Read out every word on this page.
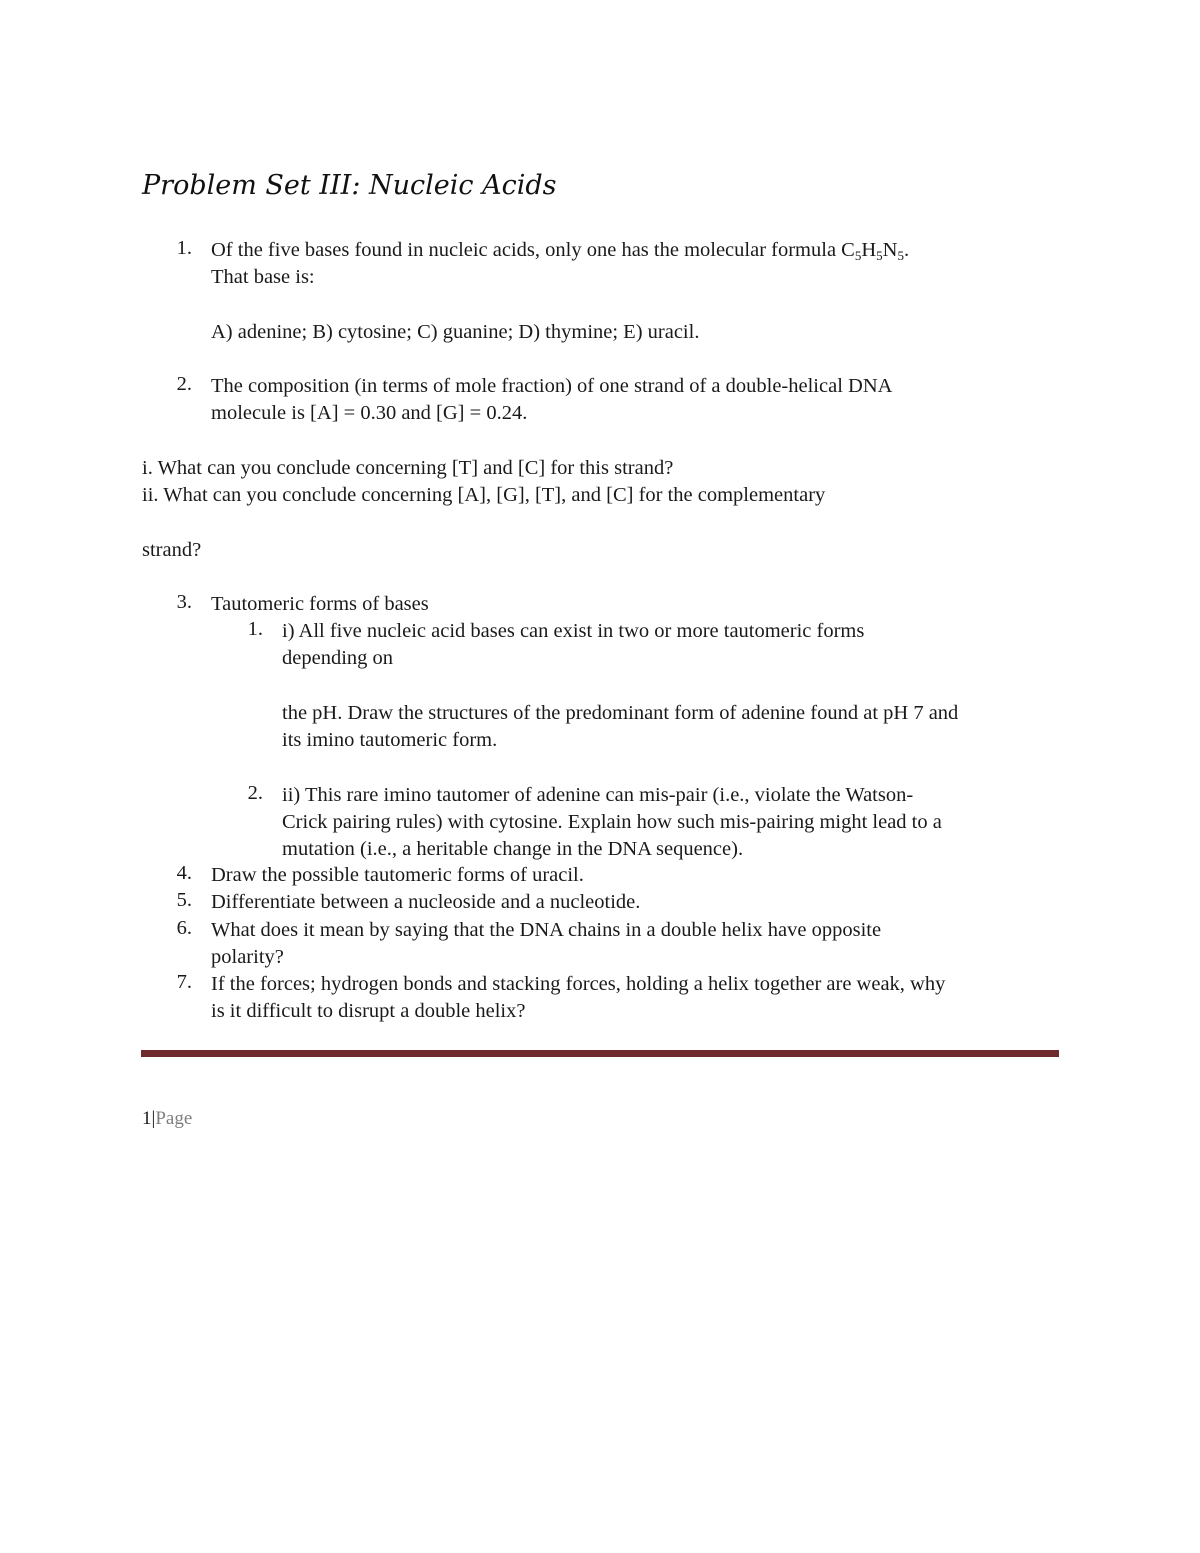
Problem Set III: Nucleic Acids
1. Of the five bases found in nucleic acids, only one has the molecular formula $C_5H_5N_5$.
That base is:
A) adenine; B) cytosine; C) guanine; D) thymine; E) uracil.
2. The composition (in terms of mole fraction) of one strand of a double-helical DNA
molecule is [A] = 0.30 and [G] = 0.24.
i. What can you conclude concerning [T] and [C] for this strand?
ii. What can you conclude concerning [A], [G], [T], and [C] for the complementary
strand?
3. Tautomeric forms of bases
1. i) All five nucleic acid bases can exist in two or more tautomeric forms
depending on
the pH. Draw the structures of the predominant form of adenine found at pH 7 and
its imino tautomeric form.
2. ii) This rare imino tautomer of adenine can mis-pair (i.e., violate the Watson-
Crick pairing rules) with cytosine. Explain how such mis-pairing might lead to a
mutation (i.e., a heritable change in the DNA sequence).
4. Draw the possible tautomeric forms of uracil.
5. Differentiate between a nucleoside and a nucleotide.
6. What does it mean by saying that the DNA chains in a double helix have opposite
polarity?
7. If the forces; hydrogen bonds and stacking forces, holding a helix together are weak, why
is it difficult to disrupt a double helix?
1|Page
